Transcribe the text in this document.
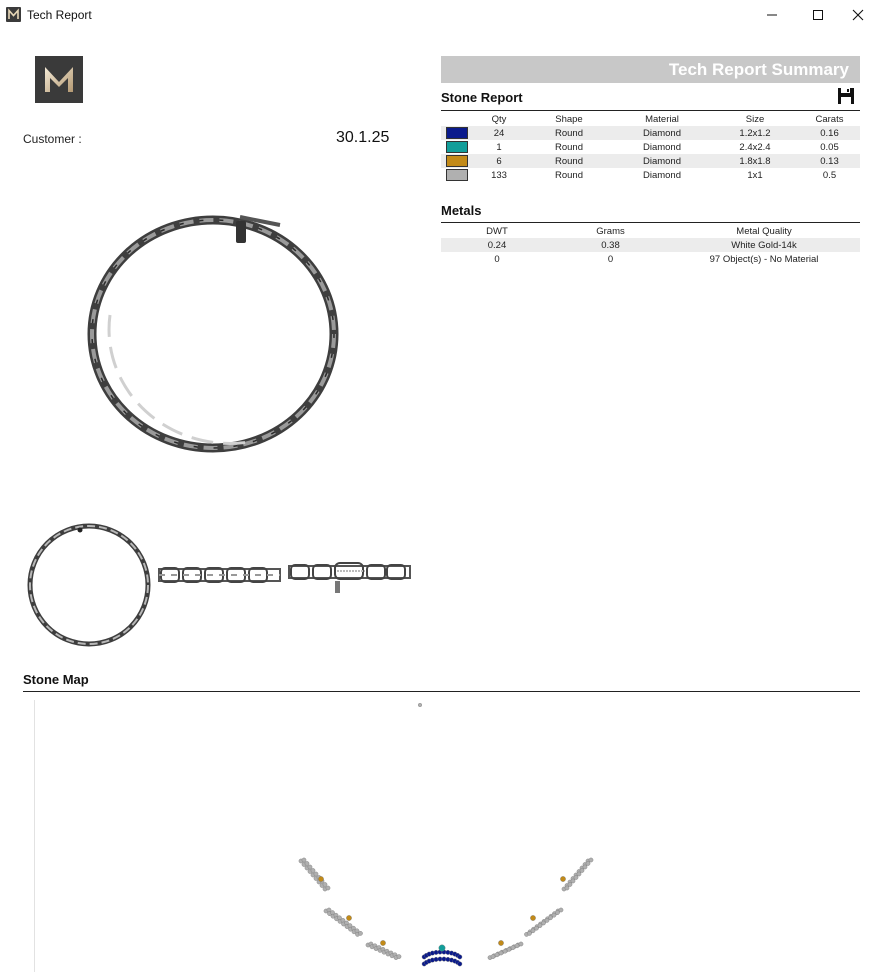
Tech Report
Customer :	30.1.25
Tech Report Summary
Stone Report
	Qty	Shape	Material	Size	Carats
	24	Round	Diamond	1.2x1.2	0.16
	1	Round	Diamond	2.4x2.4	0.05
	6	Round	Diamond	1.8x1.8	0.13
	133	Round	Diamond	1x1	0.5
Metals
DWT	Grams	Metal Quality
0.24	0.38	White Gold-14k
0	0	97 Object(s) - No Material
Stone Map
